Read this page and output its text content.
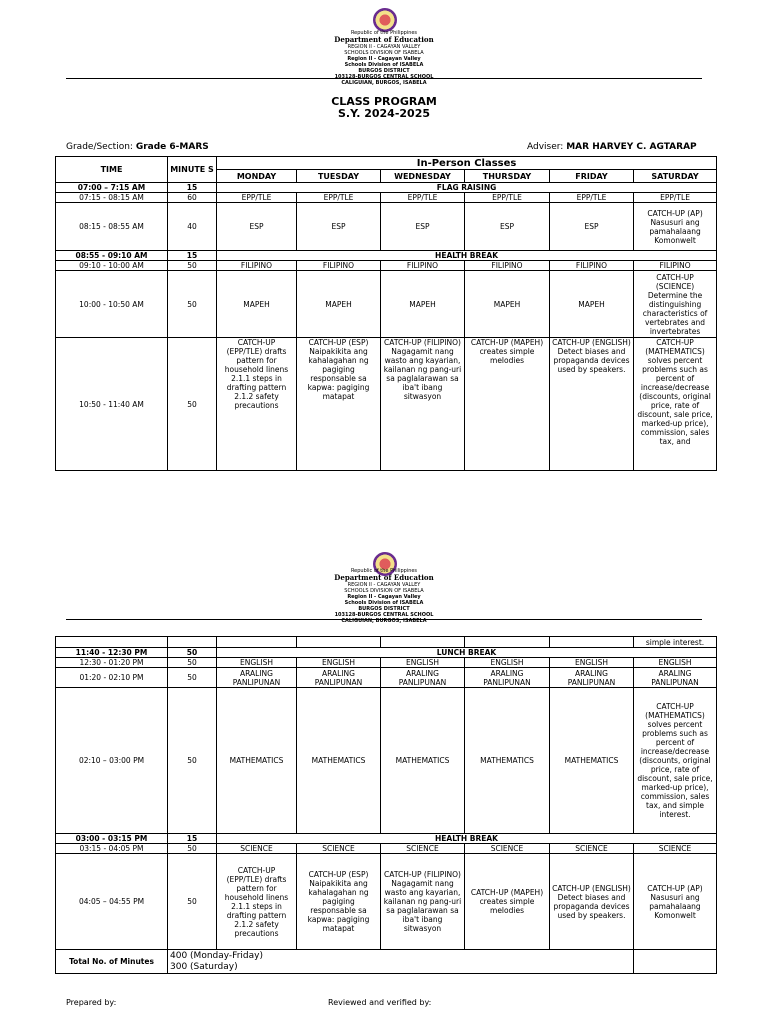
Republic of the Philippines
Department of Education
REGION II - CAGAYAN VALLEY
SCHOOLS DIVISION OF ISABELA
Region II - Cagayan Valley
Schools Division of ISABELA
BURGOS DISTRICT
103128-BURGOS CENTRAL SCHOOL
CALIGUIAN, BURGOS, ISABELA
CLASS PROGRAM
S.Y. 2024-2025
Grade/Section: Grade 6-MARS	Adviser: MAR HARVEY C. AGTARAP
TIME	MINUTE S	In-Person Classes					
		MONDAY	TUESDAY	WEDNESDAY	THURSDAY	FRIDAY	SATURDAY
07:00 – 7:15 AM	15	FLAG RAISING					
07:15 - 08:15 AM	60	EPP/TLE	EPP/TLE	EPP/TLE	EPP/TLE	EPP/TLE	EPP/TLE
08:15 - 08:55 AM	40	ESP	ESP	ESP	ESP	ESP	CATCH-UP (AP) Nasusuri ang pamahalaang Komonwelt
08:55 - 09:10 AM	15	HEALTH BREAK					
09:10 - 10:00 AM	50	FILIPINO	FILIPINO	FILIPINO	FILIPINO	FILIPINO	FILIPINO
10:00 - 10:50 AM	50	MAPEH	MAPEH	MAPEH	MAPEH	MAPEH	CATCH-UP (SCIENCE) Determine the distinguishing characteristics of vertebrates and invertebrates
10:50 - 11:40 AM	50	CATCH-UP (EPP/TLE) drafts pattern for household linens 2.1.1 steps in drafting pattern 2.1.2 safety precautions	CATCH-UP (ESP) Naipakikita ang kahalagahan ng pagiging responsable sa kapwa: pagiging matapat	CATCH-UP (FILIPINO) Nagagamit nang wasto ang kayarian, kailanan ng pang-uri sa paglalarawan sa iba't ibang sitwasyon	CATCH-UP (MAPEH) creates simple melodies	CATCH-UP (ENGLISH) Detect biases and propaganda devices used by speakers.	CATCH-UP (MATHEMATICS) solves percent problems such as percent of increase/decrease (discounts, original price, rate of discount, sale price, marked-up price), commission, sales tax, and
Republic of the Philippines
Department of Education
REGION II - CAGAYAN VALLEY
SCHOOLS DIVISION OF ISABELA
Region II - Cagayan Valley
Schools Division of ISABELA
BURGOS DISTRICT
103128-BURGOS CENTRAL SCHOOL
CALIGUIAN, BURGOS, ISABELA
							simple interest.
11:40 - 12:30 PM	50	LUNCH BREAK					
12:30 - 01:20 PM	50	ENGLISH	ENGLISH	ENGLISH	ENGLISH	ENGLISH	ENGLISH
01:20 - 02:10 PM	50	ARALING PANLIPUNAN	ARALING PANLIPUNAN	ARALING PANLIPUNAN	ARALING PANLIPUNAN	ARALING PANLIPUNAN	ARALING PANLIPUNAN
02:10 – 03:00 PM	50	MATHEMATICS	MATHEMATICS	MATHEMATICS	MATHEMATICS	MATHEMATICS	CATCH-UP (MATHEMATICS) solves percent problems such as percent of increase/decrease (discounts, original price, rate of discount, sale price, marked-up price), commission, sales tax, and simple interest.
03:00 - 03:15 PM	15	HEALTH BREAK					
03:15 - 04:05 PM	50	SCIENCE	SCIENCE	SCIENCE	SCIENCE	SCIENCE	SCIENCE
04:05 – 04:55 PM	50	CATCH-UP (EPP/TLE) drafts pattern for household linens 2.1.1 steps in drafting pattern 2.1.2 safety precautions	CATCH-UP (ESP) Naipakikita ang kahalagahan ng pagiging responsable sa kapwa: pagiging matapat	CATCH-UP (FILIPINO) Nagagamit nang wasto ang kayarian, kailanan ng pang-uri sa paglalarawan sa iba't ibang sitwasyon	CATCH-UP (MAPEH) creates simple melodies	CATCH-UP (ENGLISH) Detect biases and propaganda devices used by speakers.	CATCH-UP (AP) Nasusuri ang pamahalaang Komonwelt
Total No. of Minutes	400 (Monday-Friday)
300 (Saturday)						

Prepared by:	Reviewed and verified by:
